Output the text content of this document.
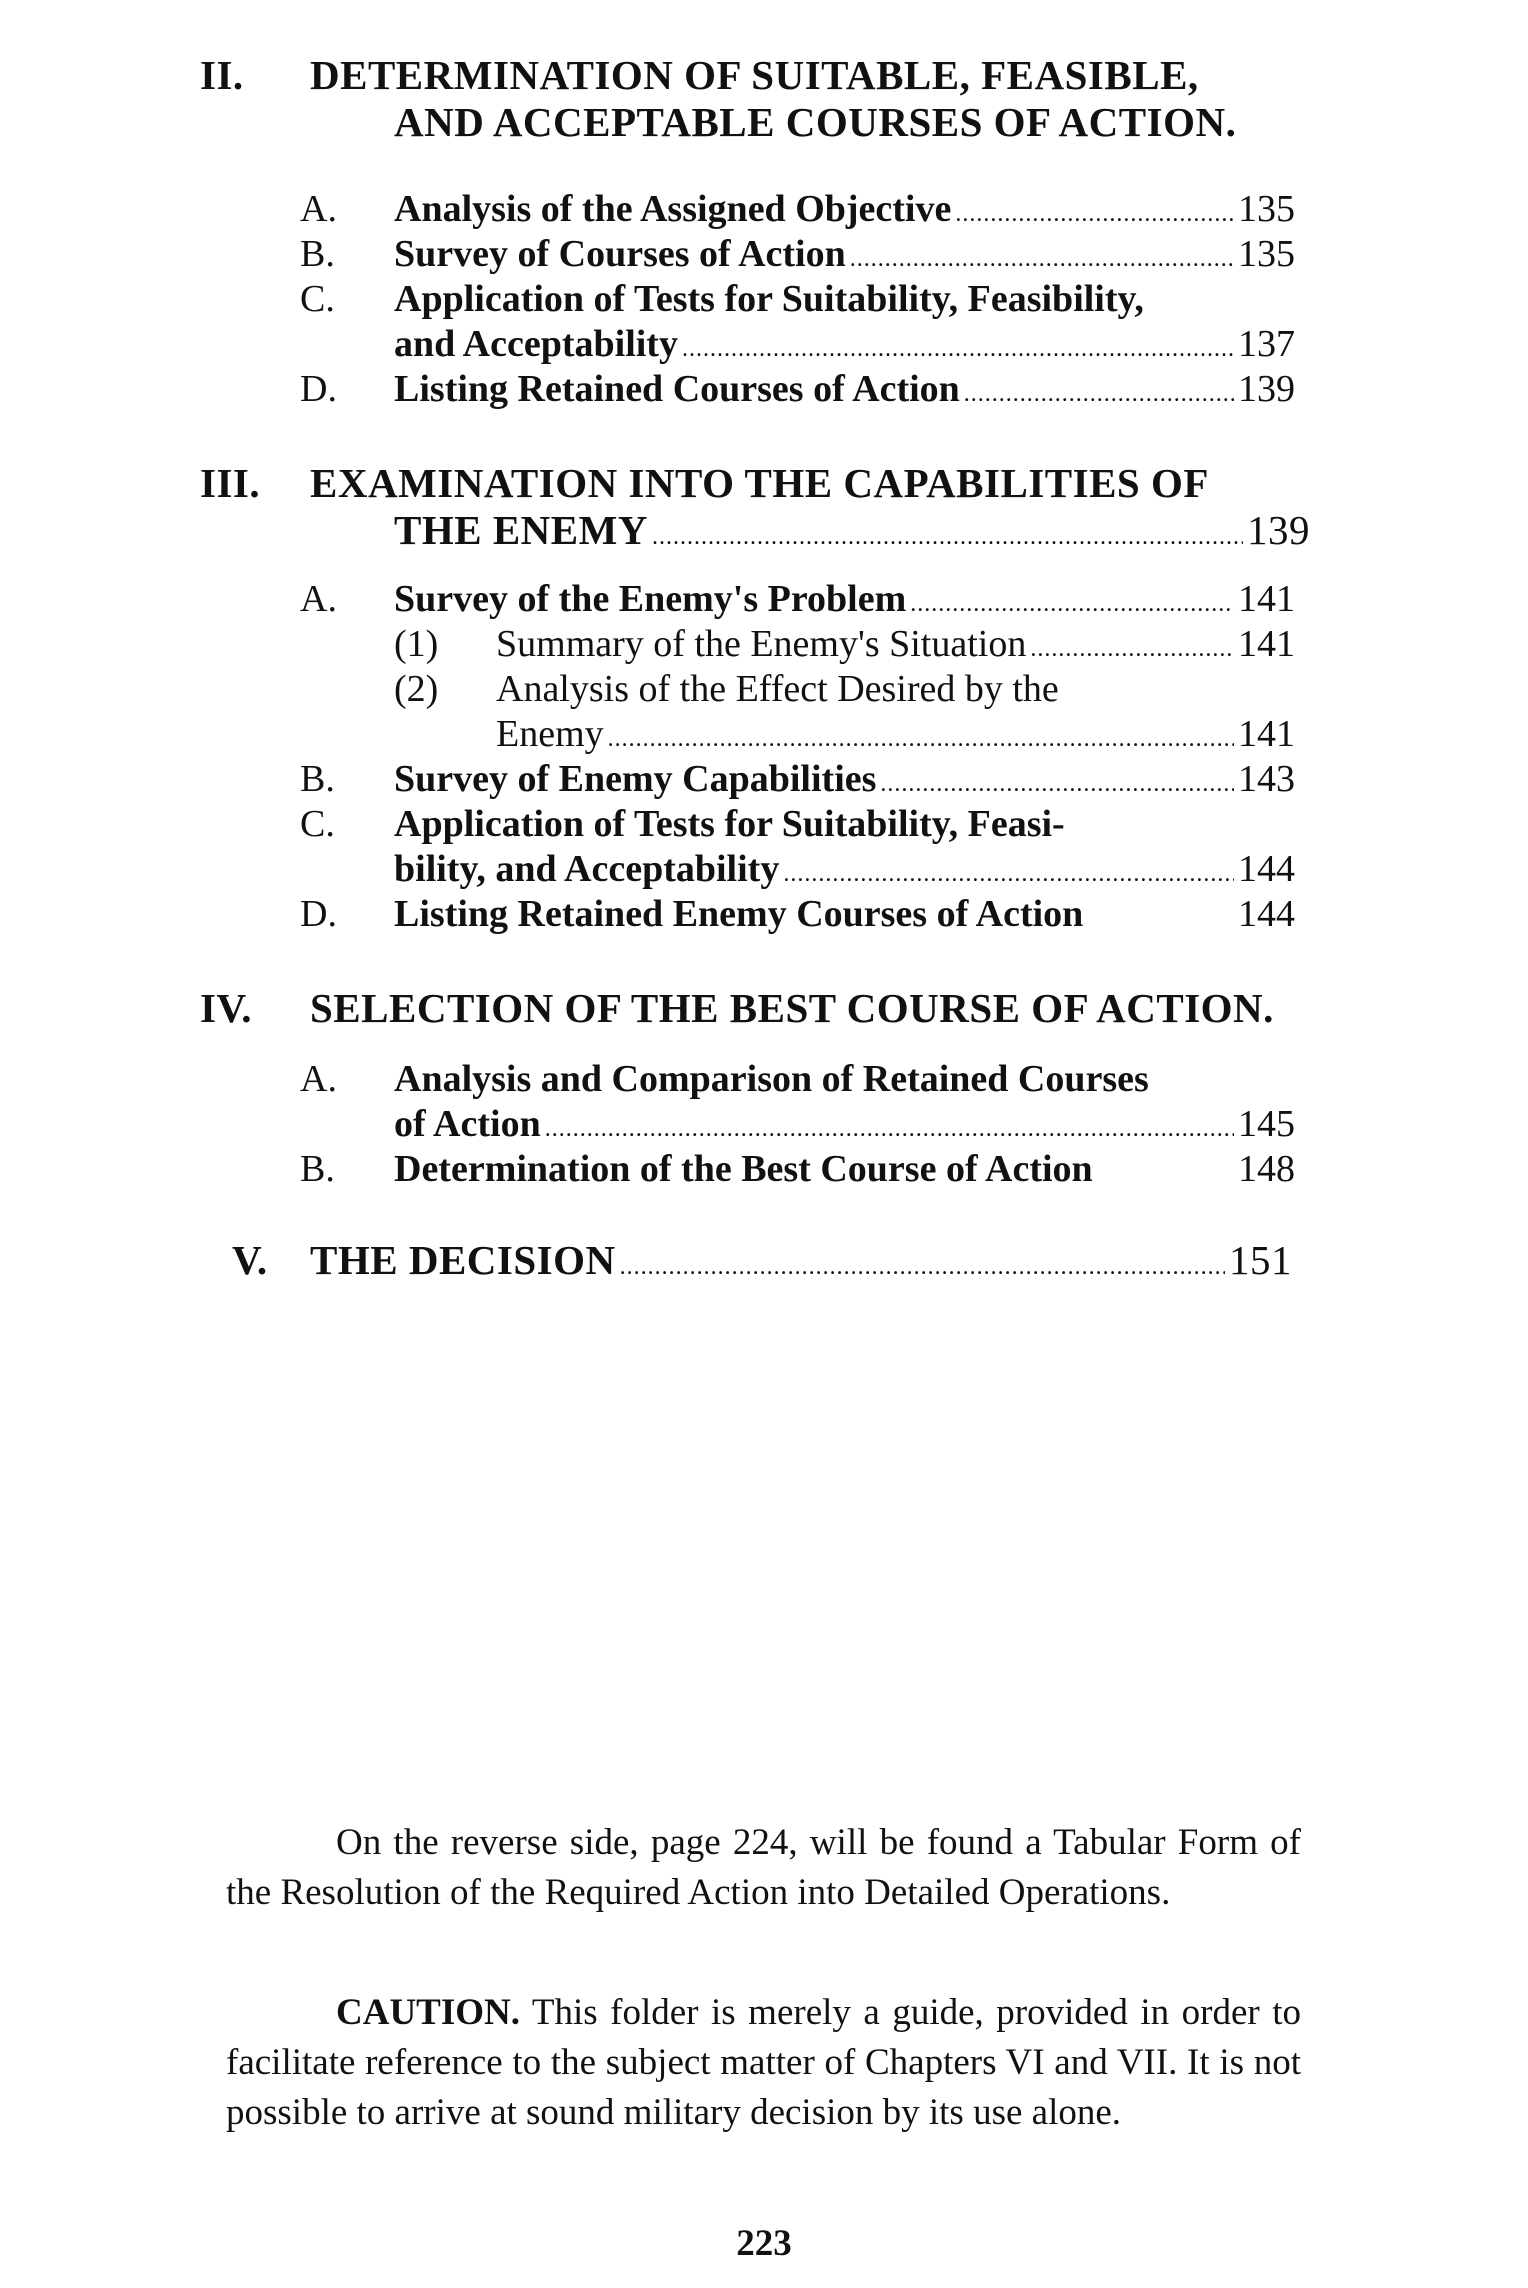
II.	DETERMINATION OF SUITABLE, FEASIBLE,
AND ACCEPTABLE COURSES OF ACTION.
A.	Analysis of the Assigned Objective .....	135
B.	Survey of Courses of Action .....	135
C.	Application of Tests for Suitability, Feasibility,
and Acceptability .....	137
D.	Listing Retained Courses of Action .....	139
III.	EXAMINATION INTO THE CAPABILITIES OF
THE ENEMY .....	139
A.	Survey of the Enemy's Problem .....	141
(1)	Summary of the Enemy's Situation .....	141
(2)	Analysis of the Effect Desired by the
Enemy .....	141
B.	Survey of Enemy Capabilities .....	143
C.	Application of Tests for Suitability, Feasi-
bility, and Acceptability .....	144
D.	Listing Retained Enemy Courses of Action	144
IV.	SELECTION OF THE BEST COURSE OF ACTION.
A.	Analysis and Comparison of Retained Courses
of Action .....	145
B.	Determination of the Best Course of Action	148
V.	THE DECISION .....	151
On the reverse side, page 224, will be found a Tabular Form of the Resolution of the Required Action into Detailed Operations.
CAUTION. This folder is merely a guide, provided in order to facilitate reference to the subject matter of Chapters VI and VII. It is not possible to arrive at sound military decision by its use alone.
223
